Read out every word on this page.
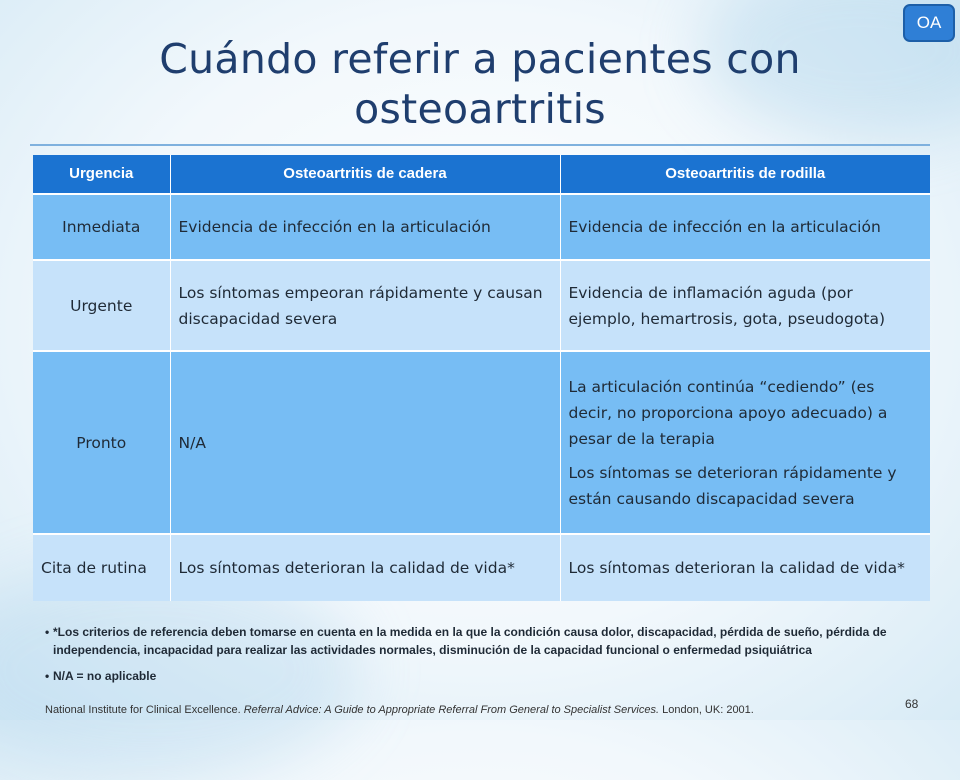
OA
Cuándo referir a pacientes con osteoartritis
Urgencia	Osteoartritis de cadera	Osteoartritis de rodilla
Inmediata	Evidencia de infección en la articulación	Evidencia de infección en la articulación
Urgente	Los síntomas empeoran rápidamente y causan discapacidad severa	Evidencia de inflamación aguda (por ejemplo, hemartrosis, gota, pseudogota)
Pronto	N/A	La articulación continúa “cediendo” (es decir, no proporciona apoyo adecuado) a pesar de la terapia
Los síntomas se deterioran rápidamente y están causando discapacidad severa

Cita de rutina	Los síntomas deterioran la calidad de vida*	Los síntomas deterioran la calidad de vida*
• *Los criterios de referencia deben tomarse en cuenta en la medida en la que la condición causa dolor, discapacidad, pérdida de sueño, pérdida de independencia, incapacidad para realizar las actividades normales, disminución de la capacidad funcional o enfermedad psiquiátrica
• N/A = no aplicable
National Institute for Clinical Excellence. Referral Advice: A Guide to Appropriate Referral From General to Specialist Services. London, UK: 2001.	68
